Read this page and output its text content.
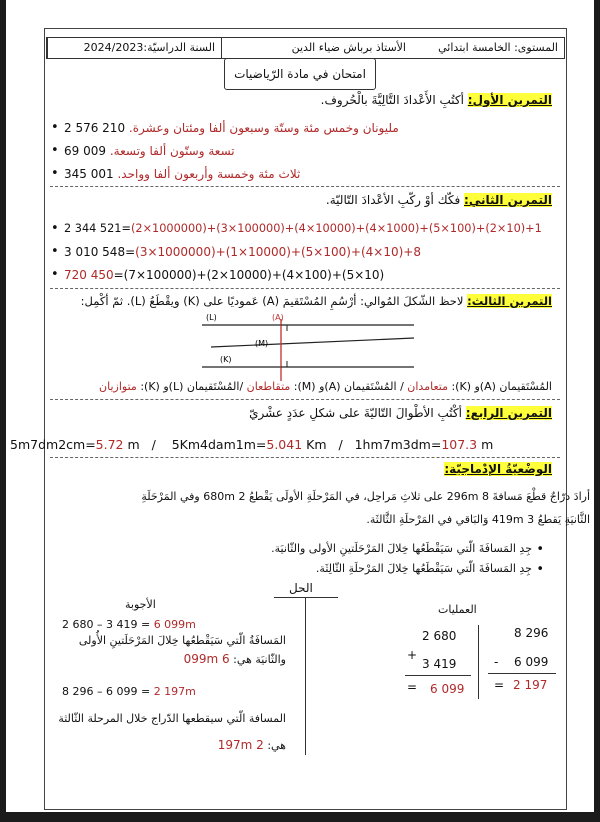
المستوى: الخامسة ابتدائي
الأستاذ برباش ضياء الدين
السنة الدراسيّة:2024/2023
امتحان في مادة الرّياضيات
التمرين الأول: أكتُبِ الأَعْدادَ التَّالِيَّةَ بالْحُروف.
• 2 576 210 مليونان وخمس مئة وستّة وسبعون ألفا ومئتان وعشرة.
• 69 009 تسعة وستّون ألفا وتسعة.
• 345 001 ثلاث مئة وخمسة وأربعون ألفا وواحد.
التمرين الثاني: فكّك أوْ ركّبِ الأعْدادَ التّاليّة.
• 2 344 521=(2×1000000)+(3×100000)+(4×10000)+(4×1000)+(5×100)+(2×10)+1
• 3 010 548=(3×1000000)+(1×10000)+(5×100)+(4×10)+8
• 720 450=(7×100000)+(2×10000)+(4×100)+(5×10)
التمرين الثالث: لاحظ الشّكلَ المُوالي: أرْسُمِ المُسْتَقيمَ (A) عَموديًا على (K) ويقْطَعُ (L). ثمّ أكْمِل:
(L)	(A)
(M)
(K)
المُسْتَقيمان (A)و (K): متعامدان / المُسْتَقيمان (A)و (M): متقاطعان /المُسْتَقيمان (L)و (K): متوازيان
التمرين الرابع: أكْتُبِ الأطْوالَ التّاليّةَ على شكلِ عدَدٍ عشْريّ
5m7dm2cm=5.72 m / 5Km4dam1m=5.041 Km / 1hm7m3dm=107.3 m
الوضْعيّةُ الإدْماجيّة:
أرادَ درّاجٌ قطْعَ مَسافةَ 8 296m على ثلاثِ مَراحِل، في المَرْحلَةِ الأولَى يَقْطعُ 2 680m وفي المَرْحَلَةِ
الثَّانيَةِ يَقطعُ 3 419m وَالبَاقي في المَرْحلَةِ الثَّالثَة.
جِدِ المَسافَةَ الّتي سَيَقْطَعُها خِلالَ المَرْحَلَتينِ الأولى والثّانيَة. •
جِدِ المَسافَةَ الّتي سَيَقْطَعُها خِلالَ المَرْحلَةِ الثّالِثَة. •
الحل
الأجوبة
2 680 – 3 419 = 6 099m
المَسافَةُ الّتي سَيَقْطعُها خِلالَ المَرْحَلَتينِ الأُولى
والثّانيَة هي: 6 099m
8 296 – 6 099 = 2 197m
المسافة الّتي سيقطعها الدّراج خلال المرحلة الثّالثة
هي: 2 197m
العمليات
2 680
+
3 419
= 6 099
8 296
- 6 099
= 2 197
